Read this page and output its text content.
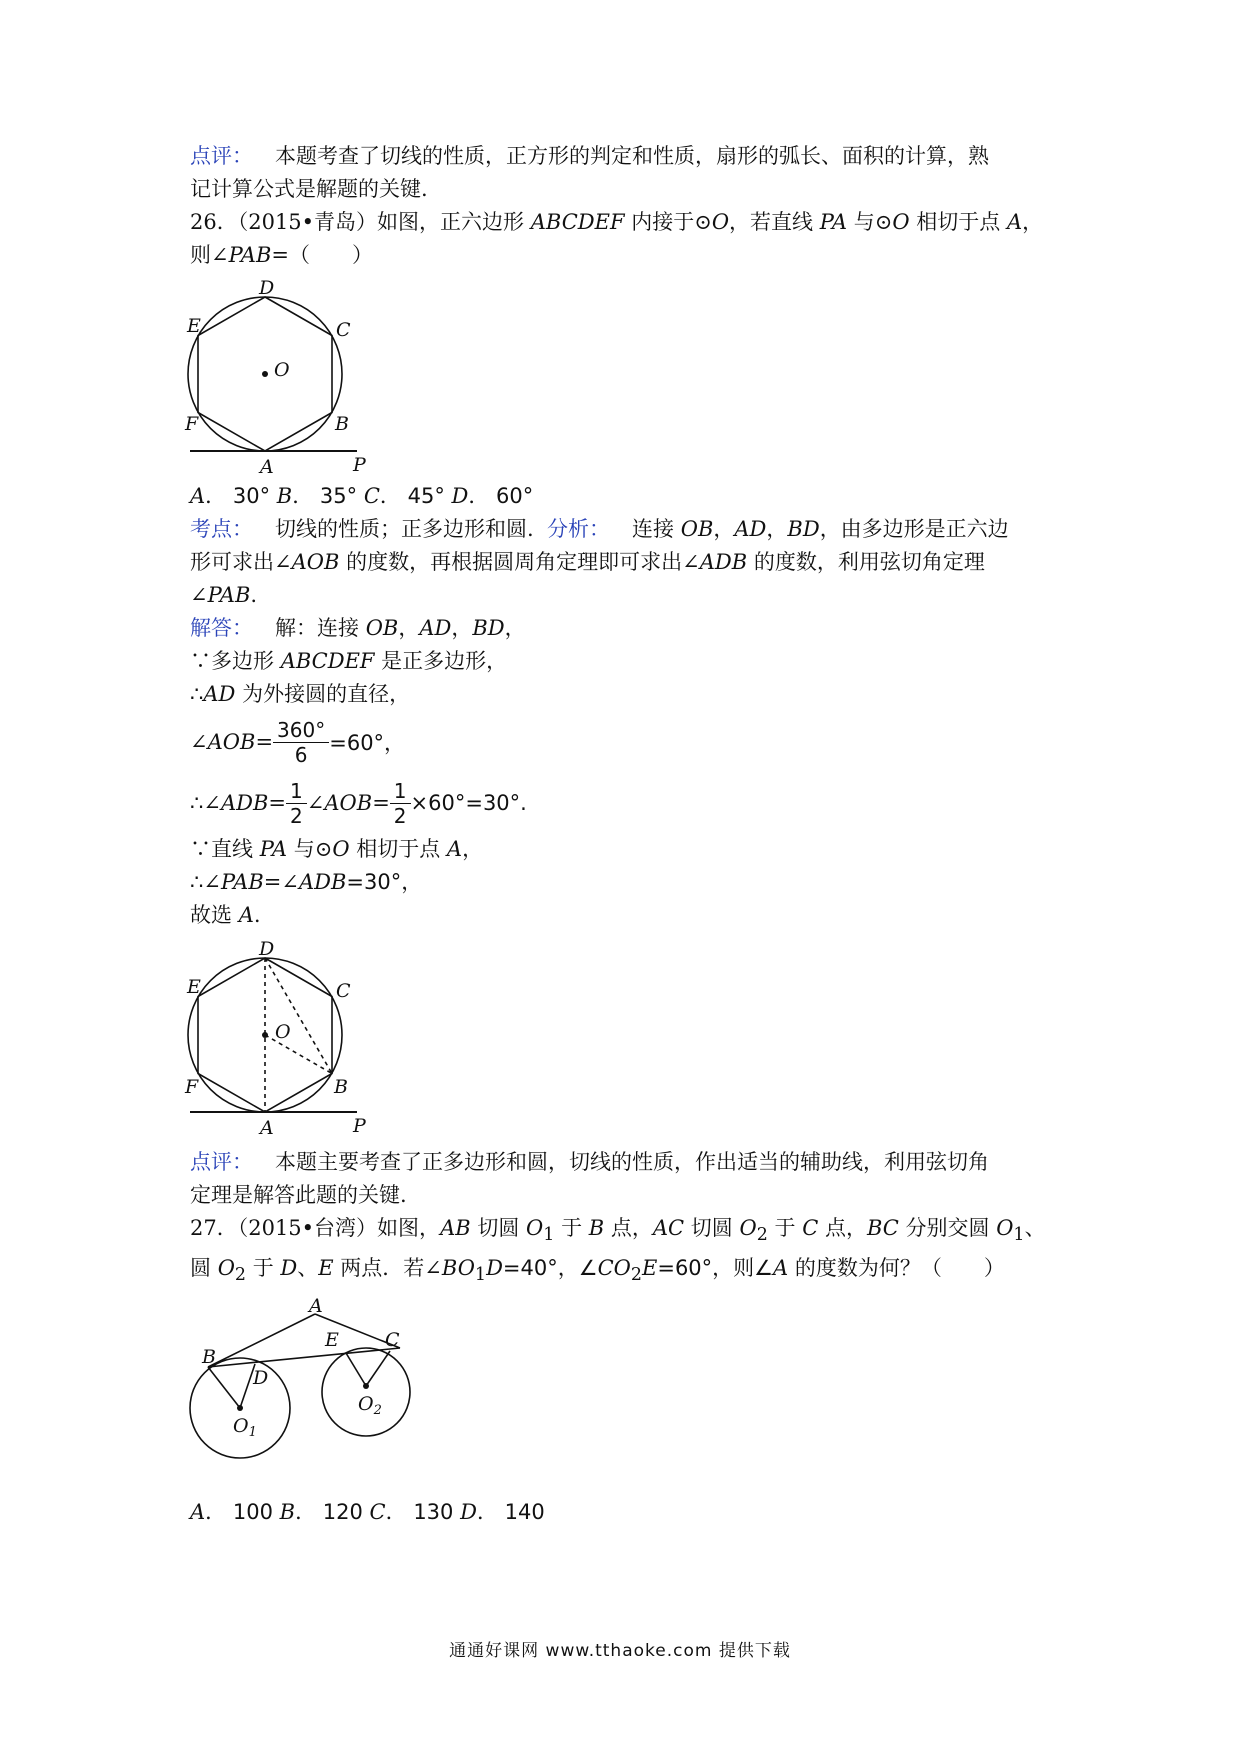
点评： 本题考查了切线的性质，正方形的判定和性质，扇形的弧长、面积的计算，熟
记计算公式是解题的关键.
26．（2015•青岛）如图，正六边形 ABCDEF 内接于⊙O，若直线 PA 与⊙O 相切于点 A，
则∠PAB=（　　）
D
E	C
O
F	B
A	P
A． 30° B． 35° C． 45° D． 60°
考点： 切线的性质；正多边形和圆. 分析： 连接 OB，AD，BD，由多边形是正六边
形可求出∠AOB 的度数，再根据圆周角定理即可求出∠ADB 的度数，利用弦切角定理
∠PAB.
解答： 解：连接 OB，AD，BD，
∵多边形 ABCDEF 是正多边形，
∴AD 为外接圆的直径，
∠ AOB = $\frac{360^\circ}{6} =60^\circ$，
∴∠ ADB = $\frac{1}{2}$ ∠ AOB = $\frac{1}{2} \times 60^\circ=30^\circ$.
∵直线 PA 与⊙O 相切于点 A，
∴∠PAB=∠ADB=30°，
故选 A.
D
E	C
O
F	B
A	P
点评： 本题主要考查了正多边形和圆，切线的性质，作出适当的辅助线，利用弦切角
定理是解答此题的关键.
27．（2015•台湾）如图，AB 切圆 $O_1$ 于 B 点，AC 切圆 $O_2$ 于 C 点，BC 分别交圆 $O_1$、
圆 $O_2$ 于 D、E 两点．若$\angle BO_1D=40^\circ$，$\angle CO_2E=60^\circ$，则∠A 的度数为何？（　　）
A
B
C
D
E
$O_1$
$O_2$
A． 100 B． 120 C． 130 D． 140
通通好课网 www.tthaoke.com 提供下载
